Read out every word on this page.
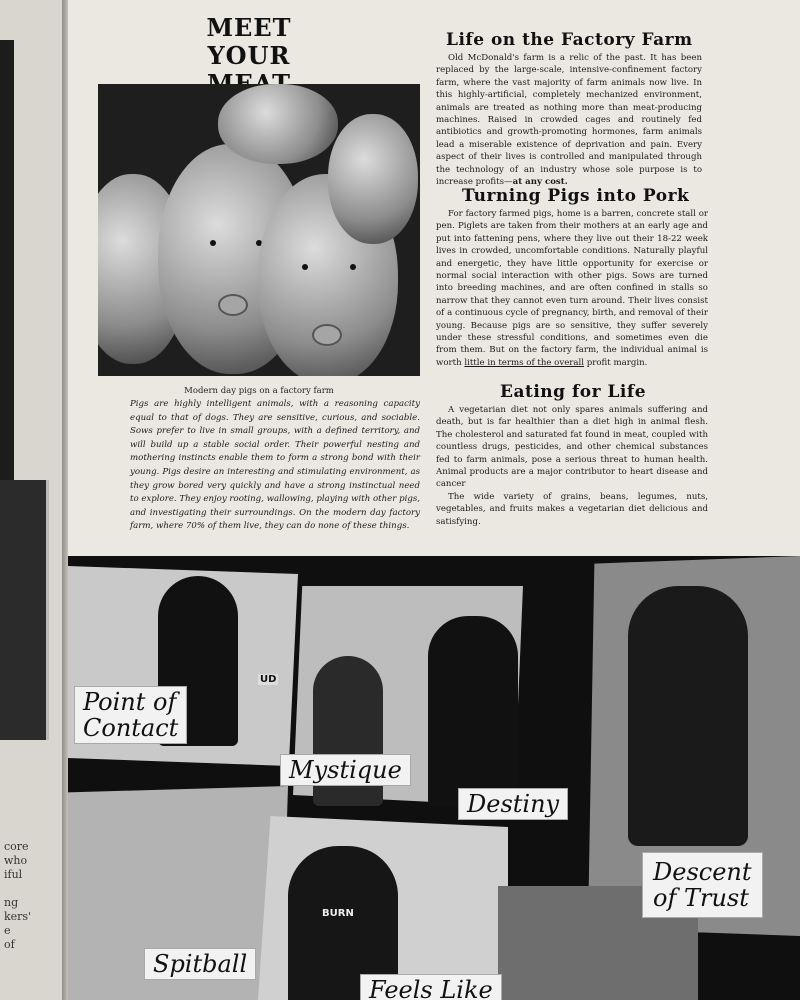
core
who
iful
ng
kers'
e
of
MEET
YOUR
Modern day pigs on a factory farm
Pigs are highly intelligent animals, with a reasoning capacity equal to that of dogs. They are sensitive, curious, and sociable. Sows prefer to live in small groups, with a defined territory, and will build up a stable social order. Their powerful nesting and mothering instincts enable them to form a strong bond with their young. Pigs desire an interesting and stimulating environment, as they grow bored very quickly and have a strong instinctual need to explore. They enjoy rooting, wallowing, playing with other pigs, and investigating their surroundings. On the modern day factory farm, where 70% of them live, they can do none of these things.
Life on the Factory Farm

Old McDonald's farm is a relic of the past. It has been replaced by the large-scale, intensive-confinement factory farm, where the vast majority of farm animals now live. In this highly-artificial, completely mechanized environment, animals are treated as nothing more than meat-producing machines. Raised in crowded cages and routinely fed antibiotics and growth-promoting hormones, farm animals lead a miserable existence of deprivation and pain. Every aspect of their lives is controlled and manipulated through the technology of an industry whose sole purpose is to increase profits—at any cost.

Turning Pigs into Pork

For factory farmed pigs, home is a barren, concrete stall or pen. Piglets are taken from their mothers at an early age and put into fattening pens, where they live out their 18-22 week lives in crowded, uncomfortable conditions. Naturally playful and energetic, they have little opportunity for exercise or normal social interaction with other pigs. Sows are turned into breeding machines, and are often confined in stalls so narrow that they cannot even turn around. Their lives consist of a continuous cycle of pregnancy, birth, and removal of their young. Because pigs are so sensitive, they suffer severely under these stressful conditions, and sometimes even die from them. But on the factory farm, the individual animal is worth little in terms of the overall profit margin.

Eating for Life

A vegetarian diet not only spares animals suffering and death, but is far healthier than a diet high in animal flesh. The cholesterol and saturated fat found in meat, coupled with countless drugs, pesticides, and other chemical substances fed to farm animals, pose a serious threat to human health. Animal products are a major contributor to heart disease and cancer

The wide variety of grains, beans, legumes, nuts, vegetables, and fruits makes a vegetarian diet delicious and satisfying.

BURN
Point of
Contact
Mystique
Destiny
Descent
of Trust
Spitball
Feels Like
UD
